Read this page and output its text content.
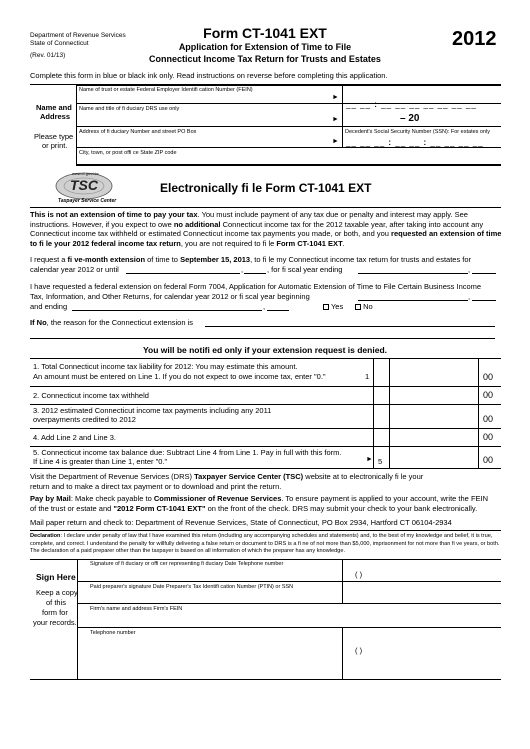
Department of Revenue Services
State of Connecticut
(Rev. 01/13)
Form CT-1041 EXT
Application for Extension of Time to File
Connecticut Income Tax Return for Trusts and Estates
2012
Complete this form in blue or black ink only. Read instructions on reverse before completing this application.
Name and
Address
Please type
or print.
Name of trust or estate Federal Employer Identifi cation Number (FEIN)
►
__ __ : __ __ __ __ __ __ __
Name and title of fi duciary DRS use only
►	– 20
Address of fi duciary Number and street PO Box	Decedent's Social Security Number (SSN): For estates only
► __ __ __ : __ __ : __ __ __ __
City, town, or post offi ce State ZIP code
www.ct.gov/drs
TSC
Taxpayer Service Center
Electronically fi le Form CT-1041 EXT
This is not an extension of time to pay your tax. You must include payment of any tax due or penalty and interest may apply. See instructions. However, if you expect to owe no additional Connecticut income tax for the 2012 taxable year, after taking into account any Connecticut income tax withheld or estimated Connecticut income tax payments you made, or both, and you requested an extension of time to fi le your 2012 federal income tax return, you are not required to fi le Form CT-1041 EXT.
I request a fi ve-month extension of time to September 15, 2013, to fi le my Connecticut income tax return for trusts and estates for
calendar year 2012 or until	,	, for fi scal year ending	,
I have requested a federal extension on federal Form 7004, Application for Automatic Extension of Time to File Certain Business Income
Tax, Information, and Other Returns, for calendar year 2012 or fi scal year beginning	,
and ending	,	Yes	No
If No, the reason for the Connecticut extension is
You will be notifi ed only if your extension request is denied.
1. Total Connecticut income tax liability for 2012: You may estimate this amount.
An amount must be entered on Line 1. If you do not expect to owe income tax, enter "0."	1	00
2. Connecticut income tax withheld	00
3. 2012 estimated Connecticut income tax payments including any 2011
overpayments credited to 2012	00
4. Add Line 2 and Line 3.	00
5. Connecticut income tax balance due: Subtract Line 4 from Line 1. Pay in full with this form.
If Line 4 is greater than Line 1, enter "0."	► 5	00
Visit the Department of Revenue Services (DRS) Taxpayer Service Center (TSC) website at to electronically fi le your
return and to make a direct tax payment or to download and print the return.
Pay by Mail: Make check payable to Commissioner of Revenue Services. To ensure payment is applied to your account, write the FEIN
of the trust or estate and "2012 Form CT-1041 EXT" on the front of the check. DRS may submit your check to your bank electronically.
Mail paper return and check to: Department of Revenue Services, State of Connecticut, PO Box 2934, Hartford CT 06104-2934
Declaration: I declare under penalty of law that I have examined this return (including any accompanying schedules and statements) and, to the best of my knowledge and belief, it is true, complete, and correct. I understand the penalty for willfully delivering a false return or document to DRS is a fi ne of not more than $5,000, imprisonment for not more than fi ve years, or both. The declaration of a paid preparer other than the taxpayer is based on all information of which the preparer has any knowledge.
Sign Here
Keep a copy
of this
form for
your records.
Signature of fi duciary or offi cer representing fi duciary Date Telephone number
( )
Paid preparer's signature Date Preparer's Tax Identifi cation Number (PTIN) or SSN
Firm's name and address Firm's FEIN
Telephone number
( )
